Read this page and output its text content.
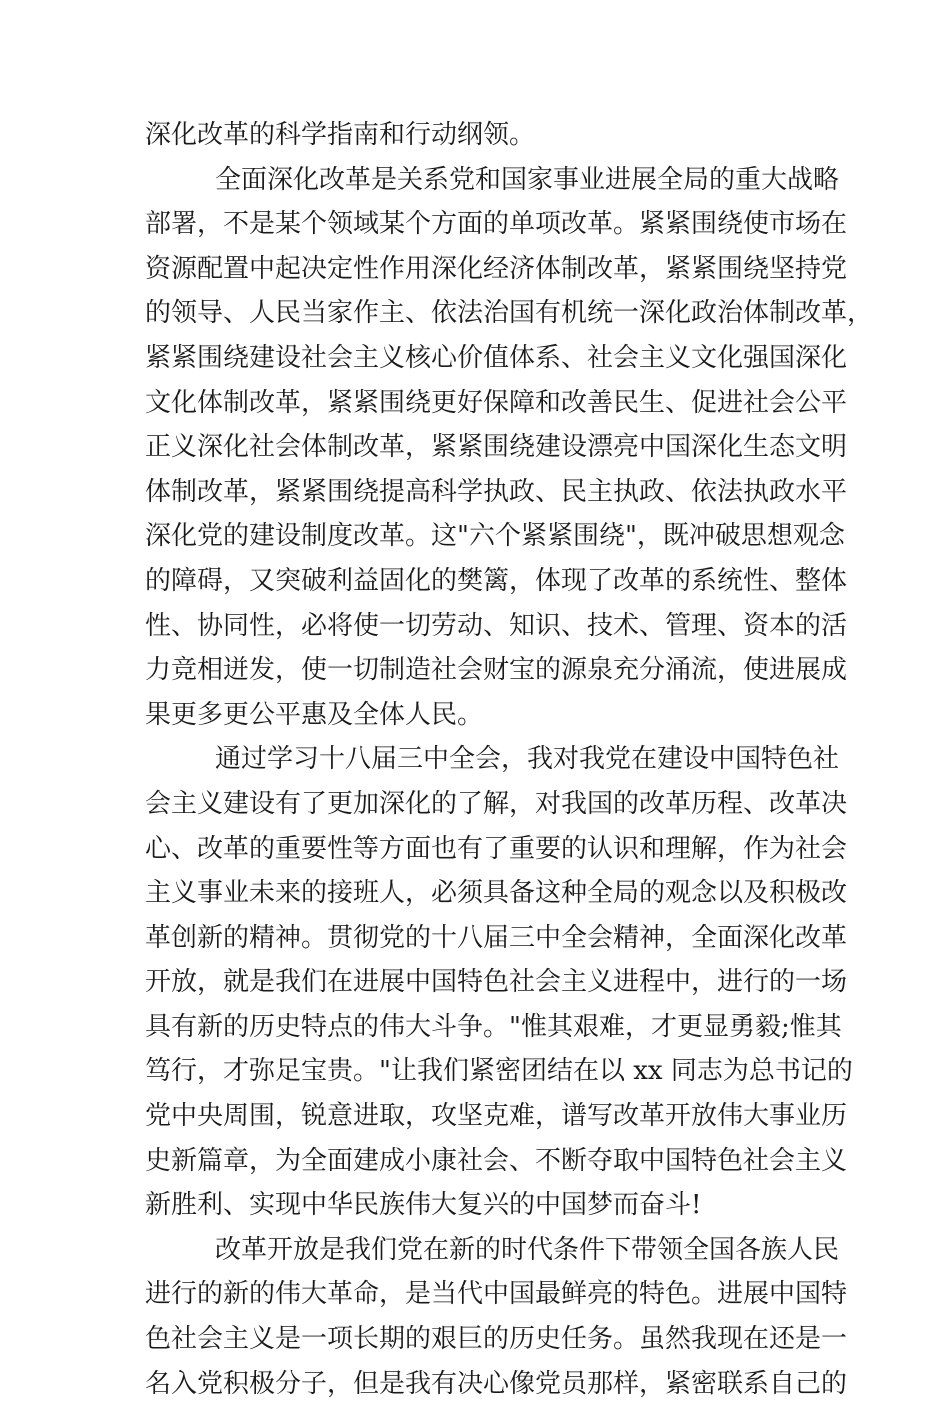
深化改革的科学指南和行动纲领。
全面深化改革是关系党和国家事业进展全局的重大战略
部署，不是某个领域某个方面的单项改革。紧紧围绕使市场在
资源配置中起决定性作用深化经济体制改革，紧紧围绕坚持党
的领导、人民当家作主、依法治国有机统一深化政治体制改革，
紧紧围绕建设社会主义核心价值体系、社会主义文化强国深化
文化体制改革，紧紧围绕更好保障和改善民生、促进社会公平
正义深化社会体制改革，紧紧围绕建设漂亮中国深化生态文明
体制改革，紧紧围绕提高科学执政、民主执政、依法执政水平
深化党的建设制度改革。这"六个紧紧围绕"，既冲破思想观念
的障碍，又突破利益固化的樊篱，体现了改革的系统性、整体
性、协同性，必将使一切劳动、知识、技术、管理、资本的活
力竞相迸发，使一切制造社会财宝的源泉充分涌流，使进展成
果更多更公平惠及全体人民。
通过学习十八届三中全会，我对我党在建设中国特色社
会主义建设有了更加深化的了解，对我国的改革历程、改革决
心、改革的重要性等方面也有了重要的认识和理解，作为社会
主义事业未来的接班人，必须具备这种全局的观念以及积极改
革创新的精神。贯彻党的十八届三中全会精神，全面深化改革
开放，就是我们在进展中国特色社会主义进程中，进行的一场
具有新的历史特点的伟大斗争。"惟其艰难，才更显勇毅;惟其
笃行，才弥足宝贵。"让我们紧密团结在以 xx 同志为总书记的
党中央周围，锐意进取，攻坚克难，谱写改革开放伟大事业历
史新篇章，为全面建成小康社会、不断夺取中国特色社会主义
新胜利、实现中华民族伟大复兴的中国梦而奋斗!
改革开放是我们党在新的时代条件下带领全国各族人民
进行的新的伟大革命，是当代中国最鲜亮的特色。进展中国特
色社会主义是一项长期的艰巨的历史任务。虽然我现在还是一
名入党积极分子，但是我有决心像党员那样，紧密联系自己的
